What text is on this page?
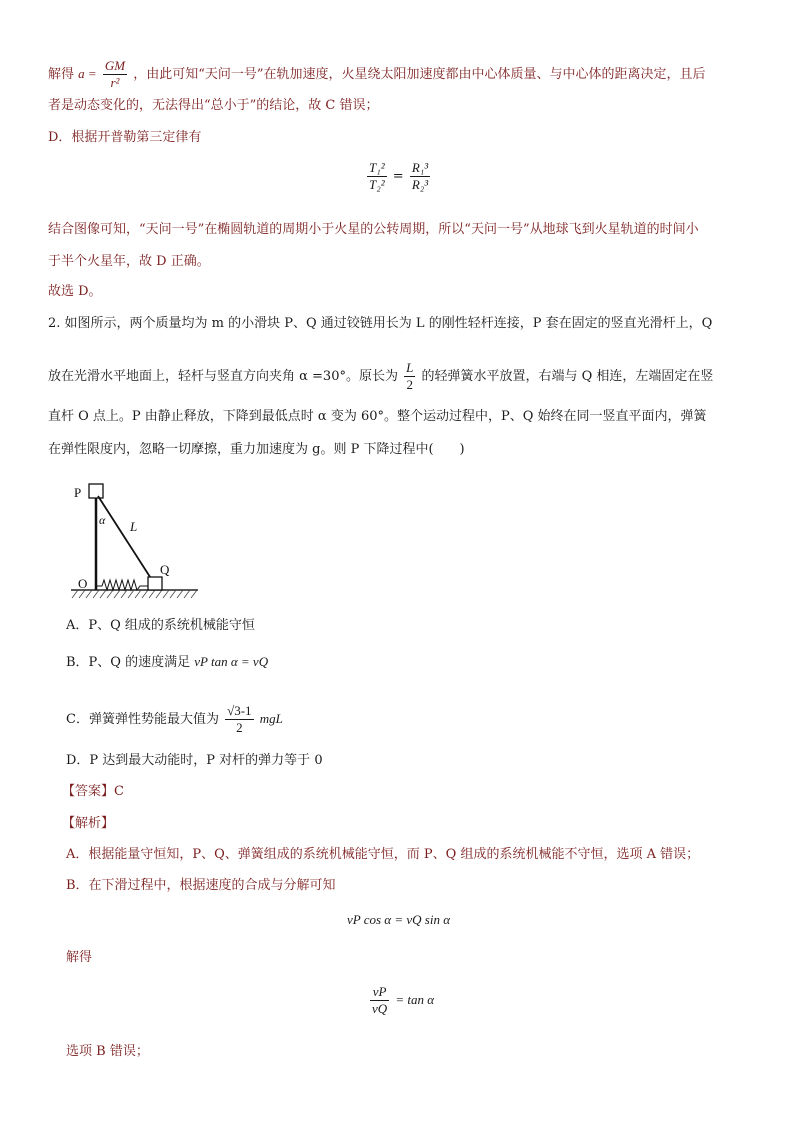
解得 $a = \frac{GM}{\text{r²}}$ ，由此可知“天问一号”在轨加速度，火星绕太阳加速度都由中心体质量、与中心体的距离决定，且后
者是动态变化的，无法得出“总小于”的结论，故 C 错误；
D．根据开普勒第三定律有
$\frac{\text{T₁²}}{\text{T₂²}} = \frac{\text{R₁³}}{\text{R₂³}}$
结合图像可知，“天问一号”在椭圆轨道的周期小于火星的公转周期，所以“天问一号”从地球飞到火星轨道的时间小
于半个火星年，故 D 正确。
故选 D。
2. 如图所示，两个质量均为 m 的小滑块 P、Q 通过铰链用长为 L 的刚性轻杆连接，P 套在固定的竖直光滑杆上，Q
放在光滑水平地面上，轻杆与竖直方向夹角 α =30°。原长为 $\frac{L}{2}$ 的轻弹簧水平放置，右端与 Q 相连，左端固定在竖
直杆 O 点上。P 由静止释放，下降到最低点时 α 变为 60°。整个运动过程中，P、Q 始终在同一竖直平面内，弹簧
在弹性限度内，忽略一切摩擦，重力加速度为 g。则 P 下降过程中(　　)
P
Q
O
α L
A．P、Q 组成的系统机械能守恒
B．P、Q 的速度满足 vP tan α = vQ
C．弹簧弹性势能最大值为 $\frac{√3-1}{2}$ mgL
D．P 达到最大动能时，P 对杆的弹力等于 0
【答案】C
【解析】
A．根据能量守恒知，P、Q、弹簧组成的系统机械能守恒，而 P、Q 组成的系统机械能不守恒，选项 A 错误；
B．在下滑过程中，根据速度的合成与分解可知
vP cos α = vQ sin α
解得
$\frac{vP}{vQ} = \tan \alpha$
选项 B 错误；
